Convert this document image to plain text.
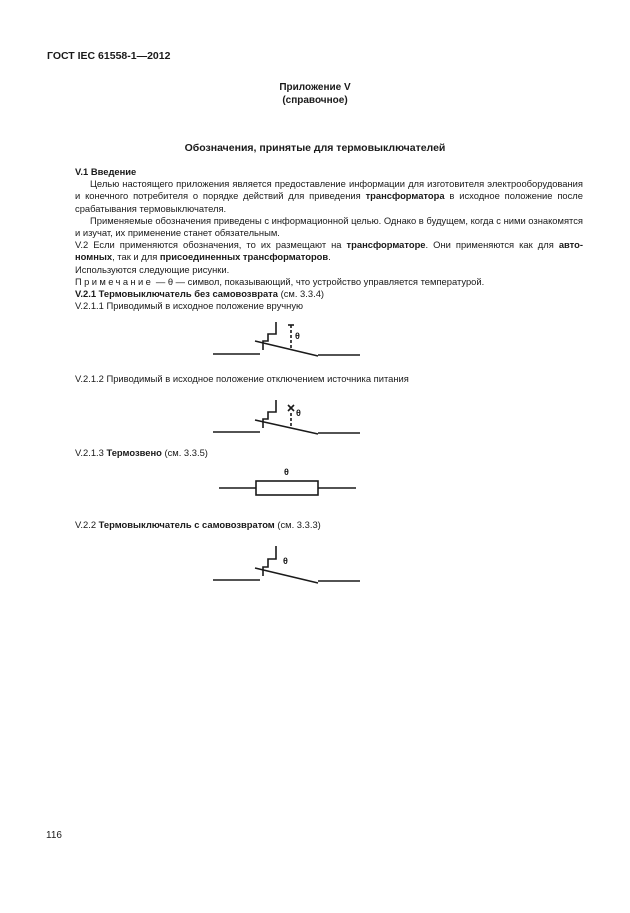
ГОСТ IEC 61558-1—2012
Приложение V
(справочное)
Обозначения, принятые для термовыключателей

V.1 Введение

Целью настоящего приложения является предоставление информации для изготовителя электрооборудования и конечного потребителя о порядке действий для приведения трансформатора в исходное положение после срабатывания термовыключателя.

Применяемые обозначения приведены с информационной целью. Однако в будущем, когда с ними ознакомятся и изучат, их применение станет обязательным.

V.2 Если применяются обозначения, то их размещают на трансформаторе. Они применяются как для автономных, так и для присоединенных трансформаторов.

Используются следующие рисунки.

Примечание — θ — символ, показывающий, что устройство управляется температурой.

V.2.1 Термовыключатель без самовозврата (см. 3.3.4)

V.2.1.1 Приводимый в исходное положение вручную

θ
V.2.1.2 Приводимый в исходное положение отключением источника питания
θ
V.2.1.3 Термозвено (см. 3.3.5)
θ
V.2.2 Термовыключатель с самовозвратом (см. 3.3.3)
θ
116
